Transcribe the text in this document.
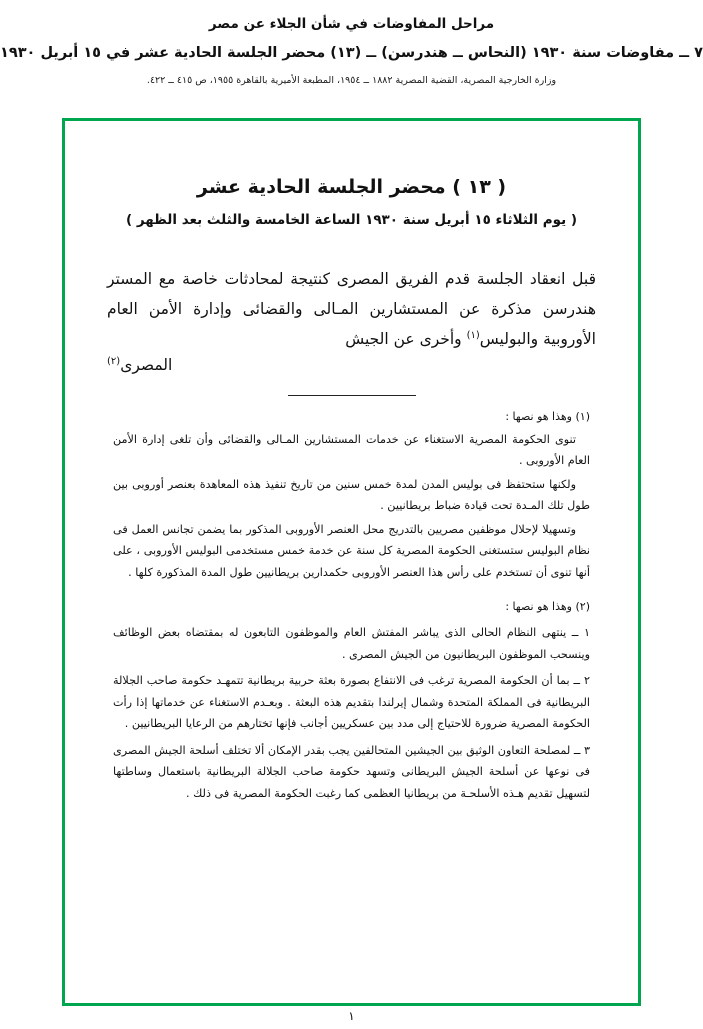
مراحل المفاوضات في شأن الجلاء عن مصر
٧ ــ مفاوضات سنة ١٩٣٠ (النحاس ــ هندرسن) ــ (١٣) محضر الجلسة الحادية عشر في ١٥ أبريل ١٩٣٠
وزارة الخارجية المصرية، القضية المصرية ١٨٨٢ ــ ١٩٥٤، المطبعة الأميرية بالقاهرة ١٩٥٥، ص ٤١٥ ــ ٤٢٢.
( ١٣ ) محضر الجلسة الحادية عشر
( يوم الثلاثاء ١٥ أبريل سنة ١٩٣٠ الساعة الخامسة والثلث بعد الظهر )
قبل انعقاد الجلسة قدم الفريق المصرى كنتيجة لمحادثات خاصة مع المستر هندرسن مذكرة عن المستشارين المـالى والقضائى وإدارة الأمن العام الأوروبية والبوليس$^{(١)}$ وأخرى عن الجيش
المصرى$^{(٢)}$
(١) وهذا هو نصها :
تنوى الحكومة المصرية الاستغناء عن خدمات المستشارين المـالى والقضائى وأن تلغى إدارة الأمن العام الأوروبى .
ولكنها ستحتفظ فى بوليس المدن لمدة خمس سنين من تاريخ تنفيذ هذه المعاهدة بعنصر أوروبى بين طول تلك المـدة تحت قيادة ضباط بريطانيين .
وتسهيلا لإحلال موظفين مصريين بالتدريج محل العنصر الأوروبى المذكور بما يضمن تجانس العمل فى نظام البوليس ستستغنى الحكومة المصرية كل سنة عن خدمة خمس مستخدمى البوليس الأوروبى ، على أنها تنوى أن تستخدم على رأس هذا العنصر الأوروبى حكمدارين بريطانيين طول المدة المذكورة كلها .
(٢) وهذا هو نصها :
١ ــ ينتهى النظام الحالى الذى يباشر المفتش العام والموظفون التابعون له بمقتضاه بعض الوظائف وينسحب الموظفون البريطانيون من الجيش المصرى .
٢ ــ بما أن الحكومة المصرية ترغب فى الانتفاع بصورة بعثة حربية بريطانية تتمهـد حكومة صاحب الجلالة البريطانية فى المملكة المتحدة وشمال إيرلندا بتقديم هذه البعثة . وبعـدم الاستغناء عن خدماتها إذا رأت الحكومة المصرية ضرورة للاحتياج إلى مدد بين عسكريين أجانب فإنها تختارهم من الرعايا البريطانيين .
٣ ــ لمصلحة التعاون الوثيق بين الجيشين المتحالفين يجب بقدر الإمكان ألا تختلف أسلحة الجيش المصرى فى نوعها عن أسلحة الجيش البريطانى وتسهد حكومة صاحب الجلالة البريطانية باستعمال وساطتها لتسهيل تقديم هـذه الأسلحـة من بريطانيا العظمى كما رغبت الحكومة المصرية فى ذلك .
١
